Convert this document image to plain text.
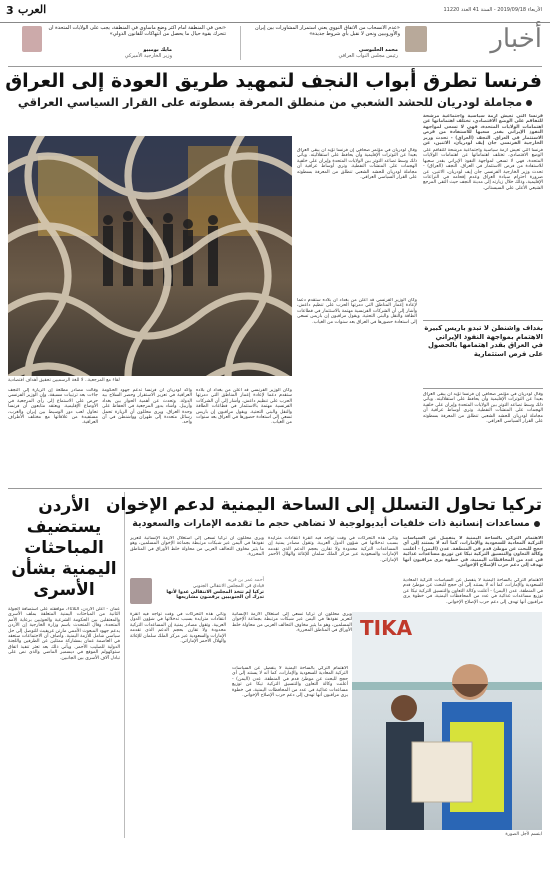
3 العرب	الأربعاء 2019/09/18 - السنة 41 العدد 11220
«نحن في المنطقة أمام أكثر وضع مأساوي في المنطقة، يجب على الولايات المتحدة أن تتحرك بقوة حيال ما يحصل من انتهاكات للقانون الدولي»
مايك بومبيو
وزير الخارجية الأميركي
«عدم الانسحاب من الاتفاق النووي يعني استمرار المشاورات بين إيران والأوروبيين ونحن لا نقبل بأي شروط جديدة»
محمد الحلبوسي
رئيس مجلس النواب العراقي
أخبار
فرنسا تطرق أبواب النجف لتمهيد طريق العودة إلى العراق
مجاملة لودريان للحشد الشعبي من منطلق المعرفة بسطوته على القرار السياسي العراقي
فرنسا التي تعيش أزمة سياسية واجتماعية مرشحة للتفاقم على الوضع الاقتصادي، تختلف اهتماماتها عن اهتمامات الولايات المتحدة، فهي لا تسعى لمواجهة النفوذ الإيراني بقدر سعيها للاستفادة من فرص الاستثمار في العراق. النجف (العراق) - تحدث وزير الخارجية الفرنسي جان إيف لودريان، الاثنين، عن
فرنسا التي تعيش أزمة سياسية واجتماعية مرشحة للتفاقم على الوضع الاقتصادي، تختلف اهتماماتها عن اهتمامات الولايات المتحدة، فهي لا تسعى لمواجهة النفوذ الإيراني بقدر سعيها للاستفادة من فرص الاستثمار في العراق. النجف (العراق) - تحدث وزير الخارجية الفرنسي جان إيف لودريان، الاثنين، عن ضرورة احترام سيادة العراق وعدم إقحامه في النزاعات الإقليمية، وذلك خلال زيارته إلى مدينة النجف حيث التقى المرجع الشيعي الأعلى علي السيستاني.
بغداف واشنطن لا تبدو باريس كبيرة الاهتمام بمواجهة النفوذ الإيراني في العراق بقدر اهتمامها بالحصول على فرص استثمارية
وقال لودريان في مؤتمر صحافي إن فرنسا تؤيد أن يبقى العراق بعيدا عن التوترات الإقليمية وأن يحافظ على استقلاليته. ويأتي ذلك وسط تصاعد التوتر بين الولايات المتحدة وإيران على خلفية الهجمات على المنشآت النفطية. وترى أوساط عراقية أن مجاملة لودريان للحشد الشعبي تنطلق من المعرفة بسطوته على القرار السياسي العراقي.
وقال لودريان في مؤتمر صحافي إن فرنسا تؤيد أن يبقى العراق بعيدا عن التوترات الإقليمية وأن يحافظ على استقلاليته. ويأتي ذلك وسط تصاعد التوتر بين الولايات المتحدة وإيران على خلفية الهجمات على المنشآت النفطية. وترى أوساط عراقية أن مجاملة لودريان للحشد الشعبي تنطلق من المعرفة بسطوته على القرار السياسي العراقي.
وكان الوزير الفرنسي قد أعلن من بغداد أن بلاده ستقدم دعما لإعادة إعمار المناطق التي دمرتها الحرب على تنظيم داعش، وأشار إلى أن الشركات الفرنسية مهتمة بالاستثمار في قطاعات الطاقة والنقل والبنى التحتية. ويقول مراقبون إن باريس تسعى إلى استعادة حضورها في العراق بعد سنوات من الغياب.
لقاء مع المرجعية.. لا للغة الرسميين تحقيق أهداف اقتصادية
وكان الوزير الفرنسي قد أعلن من بغداد أن بلاده ستقدم دعما لإعادة إعمار المناطق التي دمرتها الحرب على تنظيم داعش، وأشار إلى أن الشركات الفرنسية مهتمة بالاستثمار في قطاعات الطاقة والنقل والبنى التحتية. ويقول مراقبون إن باريس تسعى إلى استعادة حضورها في العراق بعد سنوات من الغياب.
وأكد لودريان أن فرنسا تدعم جهود الحكومة العراقية في تعزيز الاستقرار وحصر السلاح بيد الدولة. وتحدث عن أهمية الحوار بين بغداد وأربيل. وأشاد بدور المرجعية في الحفاظ على وحدة العراق. ويرى محللون أن الزيارة تحمل رسائل متعددة إلى طهران وواشنطن في آن واحد.
وقالت مصادر مطلعة إن الزيارة إلى النجف جاءت بعد ترتيبات مسبقة، وإن الوزير الفرنسي حرص على الاستماع إلى رأي المرجعية في الأوضاع الإقليمية. ويعتقد متابعون أن فرنسا تحاول لعب دور الوسيط بين إيران والغرب، مستفيدة من علاقاتها مع مختلف الأطراف العراقية.
الأردن يستضيف المباحثات اليمنية بشأن الأسرى
عمان - أعلن الأردن، الثلاثاء، موافقته على استضافة الجولة الثانية من المباحثات اليمنية المتعلقة بملف الأسرى والمعتقلين بين الحكومة الشرعية والحوثيين برعاية الأمم المتحدة. وقال المتحدث باسم وزارة الخارجية إن الأردن يدعم جهود المبعوث الأممي مارتن غريفيث للتوصل إلى حل سياسي شامل للأزمة اليمنية. وأضاف أن الاجتماعات ستعقد في العاصمة عمان بمشاركة ممثلين عن الطرفين واللجنة الدولية للصليب الأحمر. ويأتي ذلك بعد تعثر تنفيذ اتفاق ستوكهولم الموقع في ديسمبر الماضي والذي نص على تبادل آلاف الأسرى بين الجانبين.
تركيا تحاول التسلل إلى الساحة اليمنية لدعم الإخوان
مساعدات إنسانية ذات خلفيات أيديولوجية لا تضاهي حجم ما تقدمه الإمارات والسعودية
الاهتمام التركي بالساحة اليمنية لا ينفصل عن السياسات التركية المعادية للسعودية والإمارات، كما أنه لا يستند إلى أي حجج للبحث عن موطئ قدم في المنطقة. عدن (اليمن) - أعلنت وكالة التعاون والتنسيق التركية تيكا عن توزيع مساعدات غذائية في عدد من المحافظات اليمنية، في خطوة يرى مراقبون أنها تهدف إلى دعم حزب الإصلاح الإخواني.
الاهتمام التركي بالساحة اليمنية لا ينفصل عن السياسات التركية المعادية للسعودية والإمارات، كما أنه لا يستند إلى أي حجج للبحث عن موطئ قدم في المنطقة. عدن (اليمن) - أعلنت وكالة التعاون والتنسيق التركية تيكا عن توزيع مساعدات غذائية في عدد من المحافظات اليمنية، في خطوة يرى مراقبون أنها تهدف إلى دعم حزب الإصلاح الإخواني.
وتأتي هذه التحركات في وقت تواجه فيه أنقرة انتقادات متزايدة بسبب تدخلاتها في شؤون الدول العربية. وتقول مصادر يمنية إن المساعدات التركية محدودة ولا تقارن بحجم الدعم الذي تقدمه الإمارات والسعودية عبر مركز الملك سلمان للإغاثة والهلال الأحمر الإماراتي.
ويرى محللون أن تركيا تسعى إلى استغلال الأزمة الإنسانية لتعزيز نفوذها في اليمن عبر شبكات مرتبطة بجماعة الإخوان المسلمين، وهو ما يثير مخاوف التحالف العربي من محاولة خلط الأوراق في المناطق المحررة.
أحمد عمر بن فريد
قيادي في المجلس الانتقالي الجنوبي
تركيا لم تتخذ المجلس الانتقالي عدوا لأنها تدرك أن الجنوبيين يرفضون مشاريعها
وتأتي هذه التحركات في وقت تواجه فيه أنقرة انتقادات متزايدة بسبب تدخلاتها في شؤون الدول العربية. وتقول مصادر يمنية إن المساعدات التركية محدودة ولا تقارن بحجم الدعم الذي تقدمه الإمارات والسعودية عبر مركز الملك سلمان للإغاثة والهلال الأحمر الإماراتي.
ويرى محللون أن تركيا تسعى إلى استغلال الأزمة الإنسانية لتعزيز نفوذها في اليمن عبر شبكات مرتبطة بجماعة الإخوان المسلمين، وهو ما يثير مخاوف التحالف العربي من محاولة خلط الأوراق في المناطق المحررة. TIKA
ابتسم لأجل الصورة
الاهتمام التركي بالساحة اليمنية لا ينفصل عن السياسات التركية المعادية للسعودية والإمارات، كما أنه لا يستند إلى أي حجج للبحث عن موطئ قدم في المنطقة. عدن (اليمن) - أعلنت وكالة التعاون والتنسيق التركية تيكا عن توزيع مساعدات غذائية في عدد من المحافظات اليمنية، في خطوة يرى مراقبون أنها تهدف إلى دعم حزب الإصلاح الإخواني.
